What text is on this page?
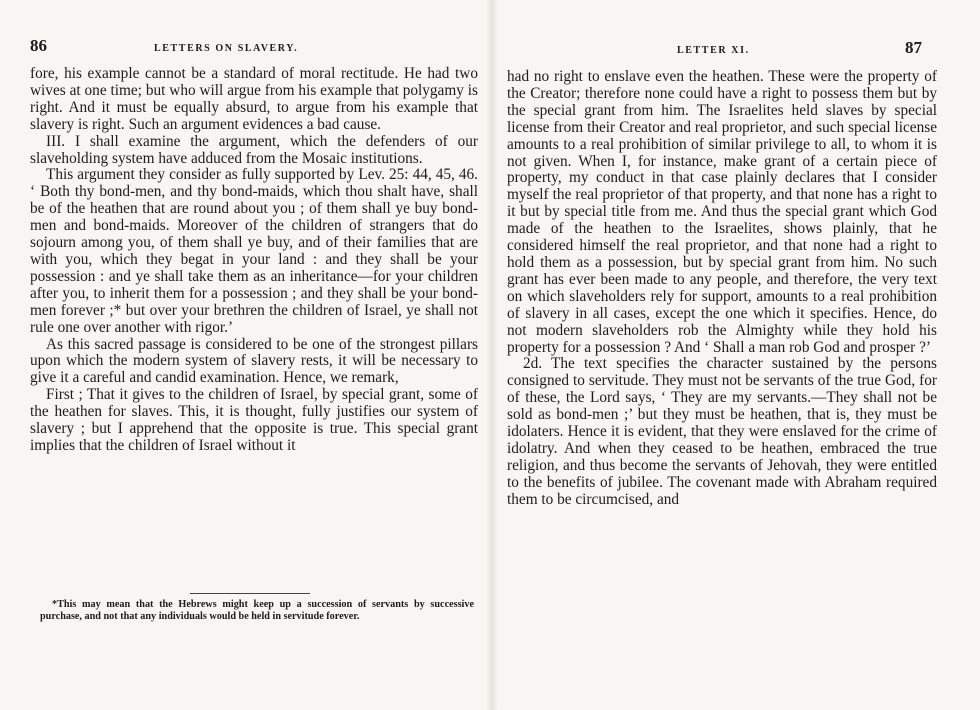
86	LETTERS ON SLAVERY.

fore, his example cannot be a standard of moral rectitude. He had two wives at one time; but who will argue from his example that polygamy is right. And it must be equally absurd, to argue from his example that slavery is right. Such an argument evidences a bad cause.

III. I shall examine the argument, which the defenders of our slaveholding system have adduced from the Mosaic institutions.

This argument they consider as fully supported by Lev. 25: 44, 45, 46. ‘ Both thy bond-men, and thy bond-maids, which thou shalt have, shall be of the heathen that are round about you ; of them shall ye buy bond-men and bond-maids. Moreover of the children of strangers that do sojourn among you, of them shall ye buy, and of their families that are with you, which they begat in your land : and they shall be your possession : and ye shall take them as an inheritance—for your children after you, to inherit them for a possession ; and they shall be your bond-men forever ;* but over your brethren the children of Israel, ye shall not rule one over another with rigor.’

As this sacred passage is considered to be one of the strongest pillars upon which the modern system of slavery rests, it will be necessary to give it a careful and candid examination. Hence, we remark,

First ; That it gives to the children of Israel, by special grant, some of the heathen for slaves. This, it is thought, fully justifies our system of slavery ; but I apprehend that the opposite is true. This special grant implies that the children of Israel without it

*This may mean that the Hebrews might keep up a succession of servants by successive purchase, and not that any individuals would be held in servitude forever.
LETTER XI.	87

had no right to enslave even the heathen. These were the property of the Creator; therefore none could have a right to possess them but by the special grant from him. The Israelites held slaves by special license from their Creator and real proprietor, and such special license amounts to a real prohibition of similar privilege to all, to whom it is not given. When I, for instance, make grant of a certain piece of property, my conduct in that case plainly declares that I consider myself the real proprietor of that property, and that none has a right to it but by special title from me. And thus the special grant which God made of the heathen to the Israelites, shows plainly, that he considered himself the real proprietor, and that none had a right to hold them as a possession, but by special grant from him. No such grant has ever been made to any people, and therefore, the very text on which slaveholders rely for support, amounts to a real prohibition of slavery in all cases, except the one which it specifies. Hence, do not modern slaveholders rob the Almighty while they hold his property for a possession ? And ‘ Shall a man rob God and prosper ?’

2d. The text specifies the character sustained by the persons consigned to servitude. They must not be servants of the true God, for of these, the Lord says, ‘ They are my servants.—They shall not be sold as bond-men ;’ but they must be heathen, that is, they must be idolaters. Hence it is evident, that they were enslaved for the crime of idolatry. And when they ceased to be heathen, embraced the true religion, and thus become the servants of Jehovah, they were entitled to the benefits of jubilee. The covenant made with Abraham required them to be circumcised, and
